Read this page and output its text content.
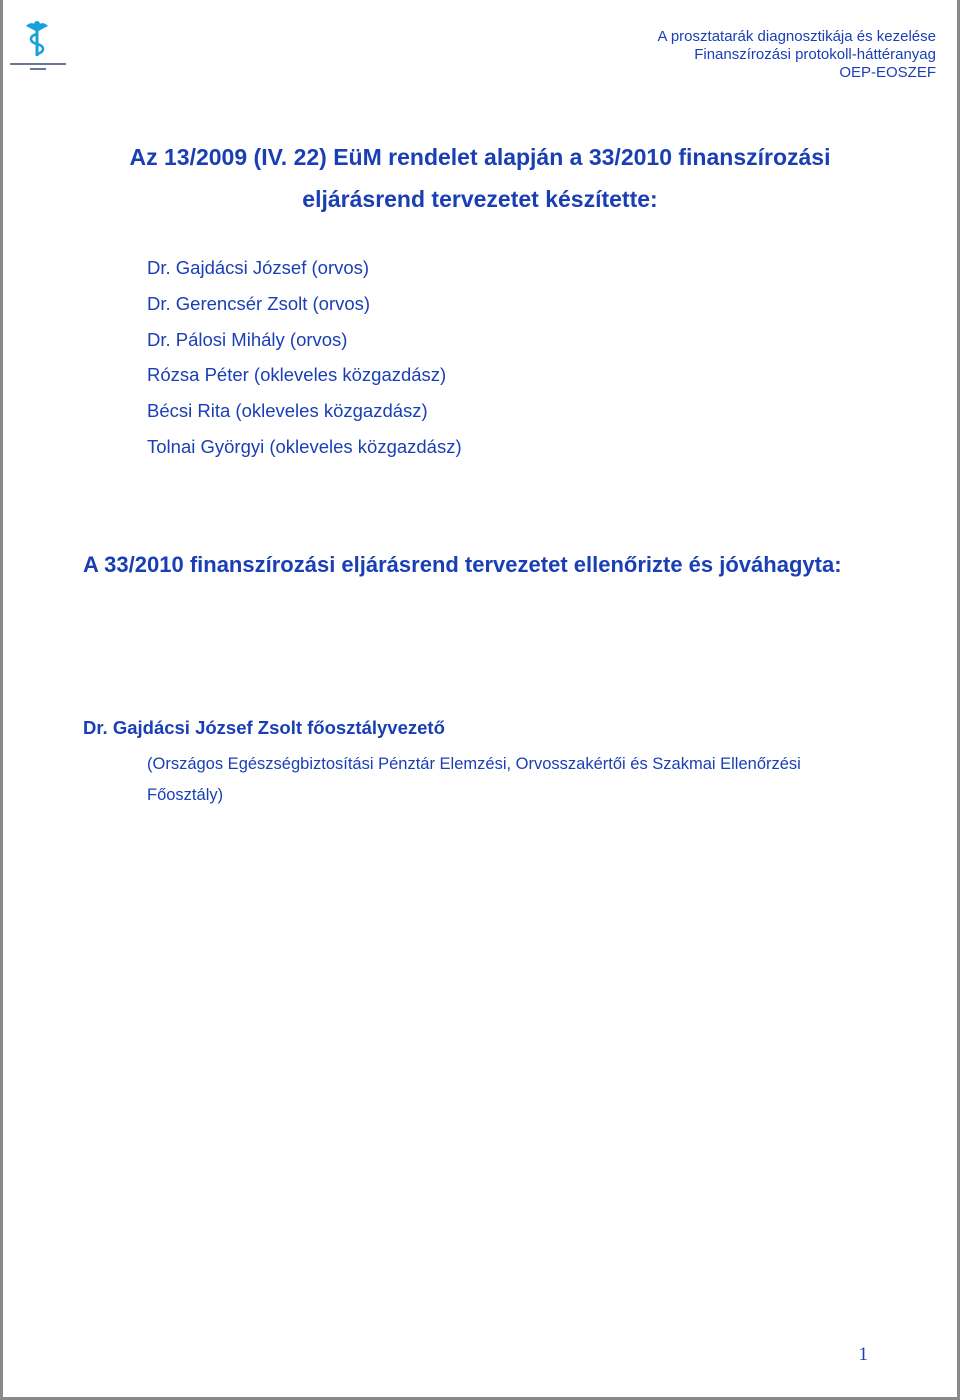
A prosztatarák diagnosztikája és kezelése
Finanszírozási protokoll-háttéranyag
OEP-EOSZEF
Az 13/2009 (IV. 22) EüM rendelet alapján a 33/2010 finanszírozási eljárásrend tervezetet készítette:
Dr. Gajdácsi József (orvos)
Dr. Gerencsér Zsolt (orvos)
Dr. Pálosi Mihály (orvos)
Rózsa Péter (okleveles közgazdász)
Bécsi Rita (okleveles közgazdász)
Tolnai Györgyi (okleveles közgazdász)
A 33/2010 finanszírozási eljárásrend tervezetet ellenőrizte és jóváhagyta:
Dr. Gajdácsi József Zsolt főosztályvezető
(Országos Egészségbiztosítási Pénztár Elemzési, Orvosszakértői és Szakmai Ellenőrzési Főosztály)
1
